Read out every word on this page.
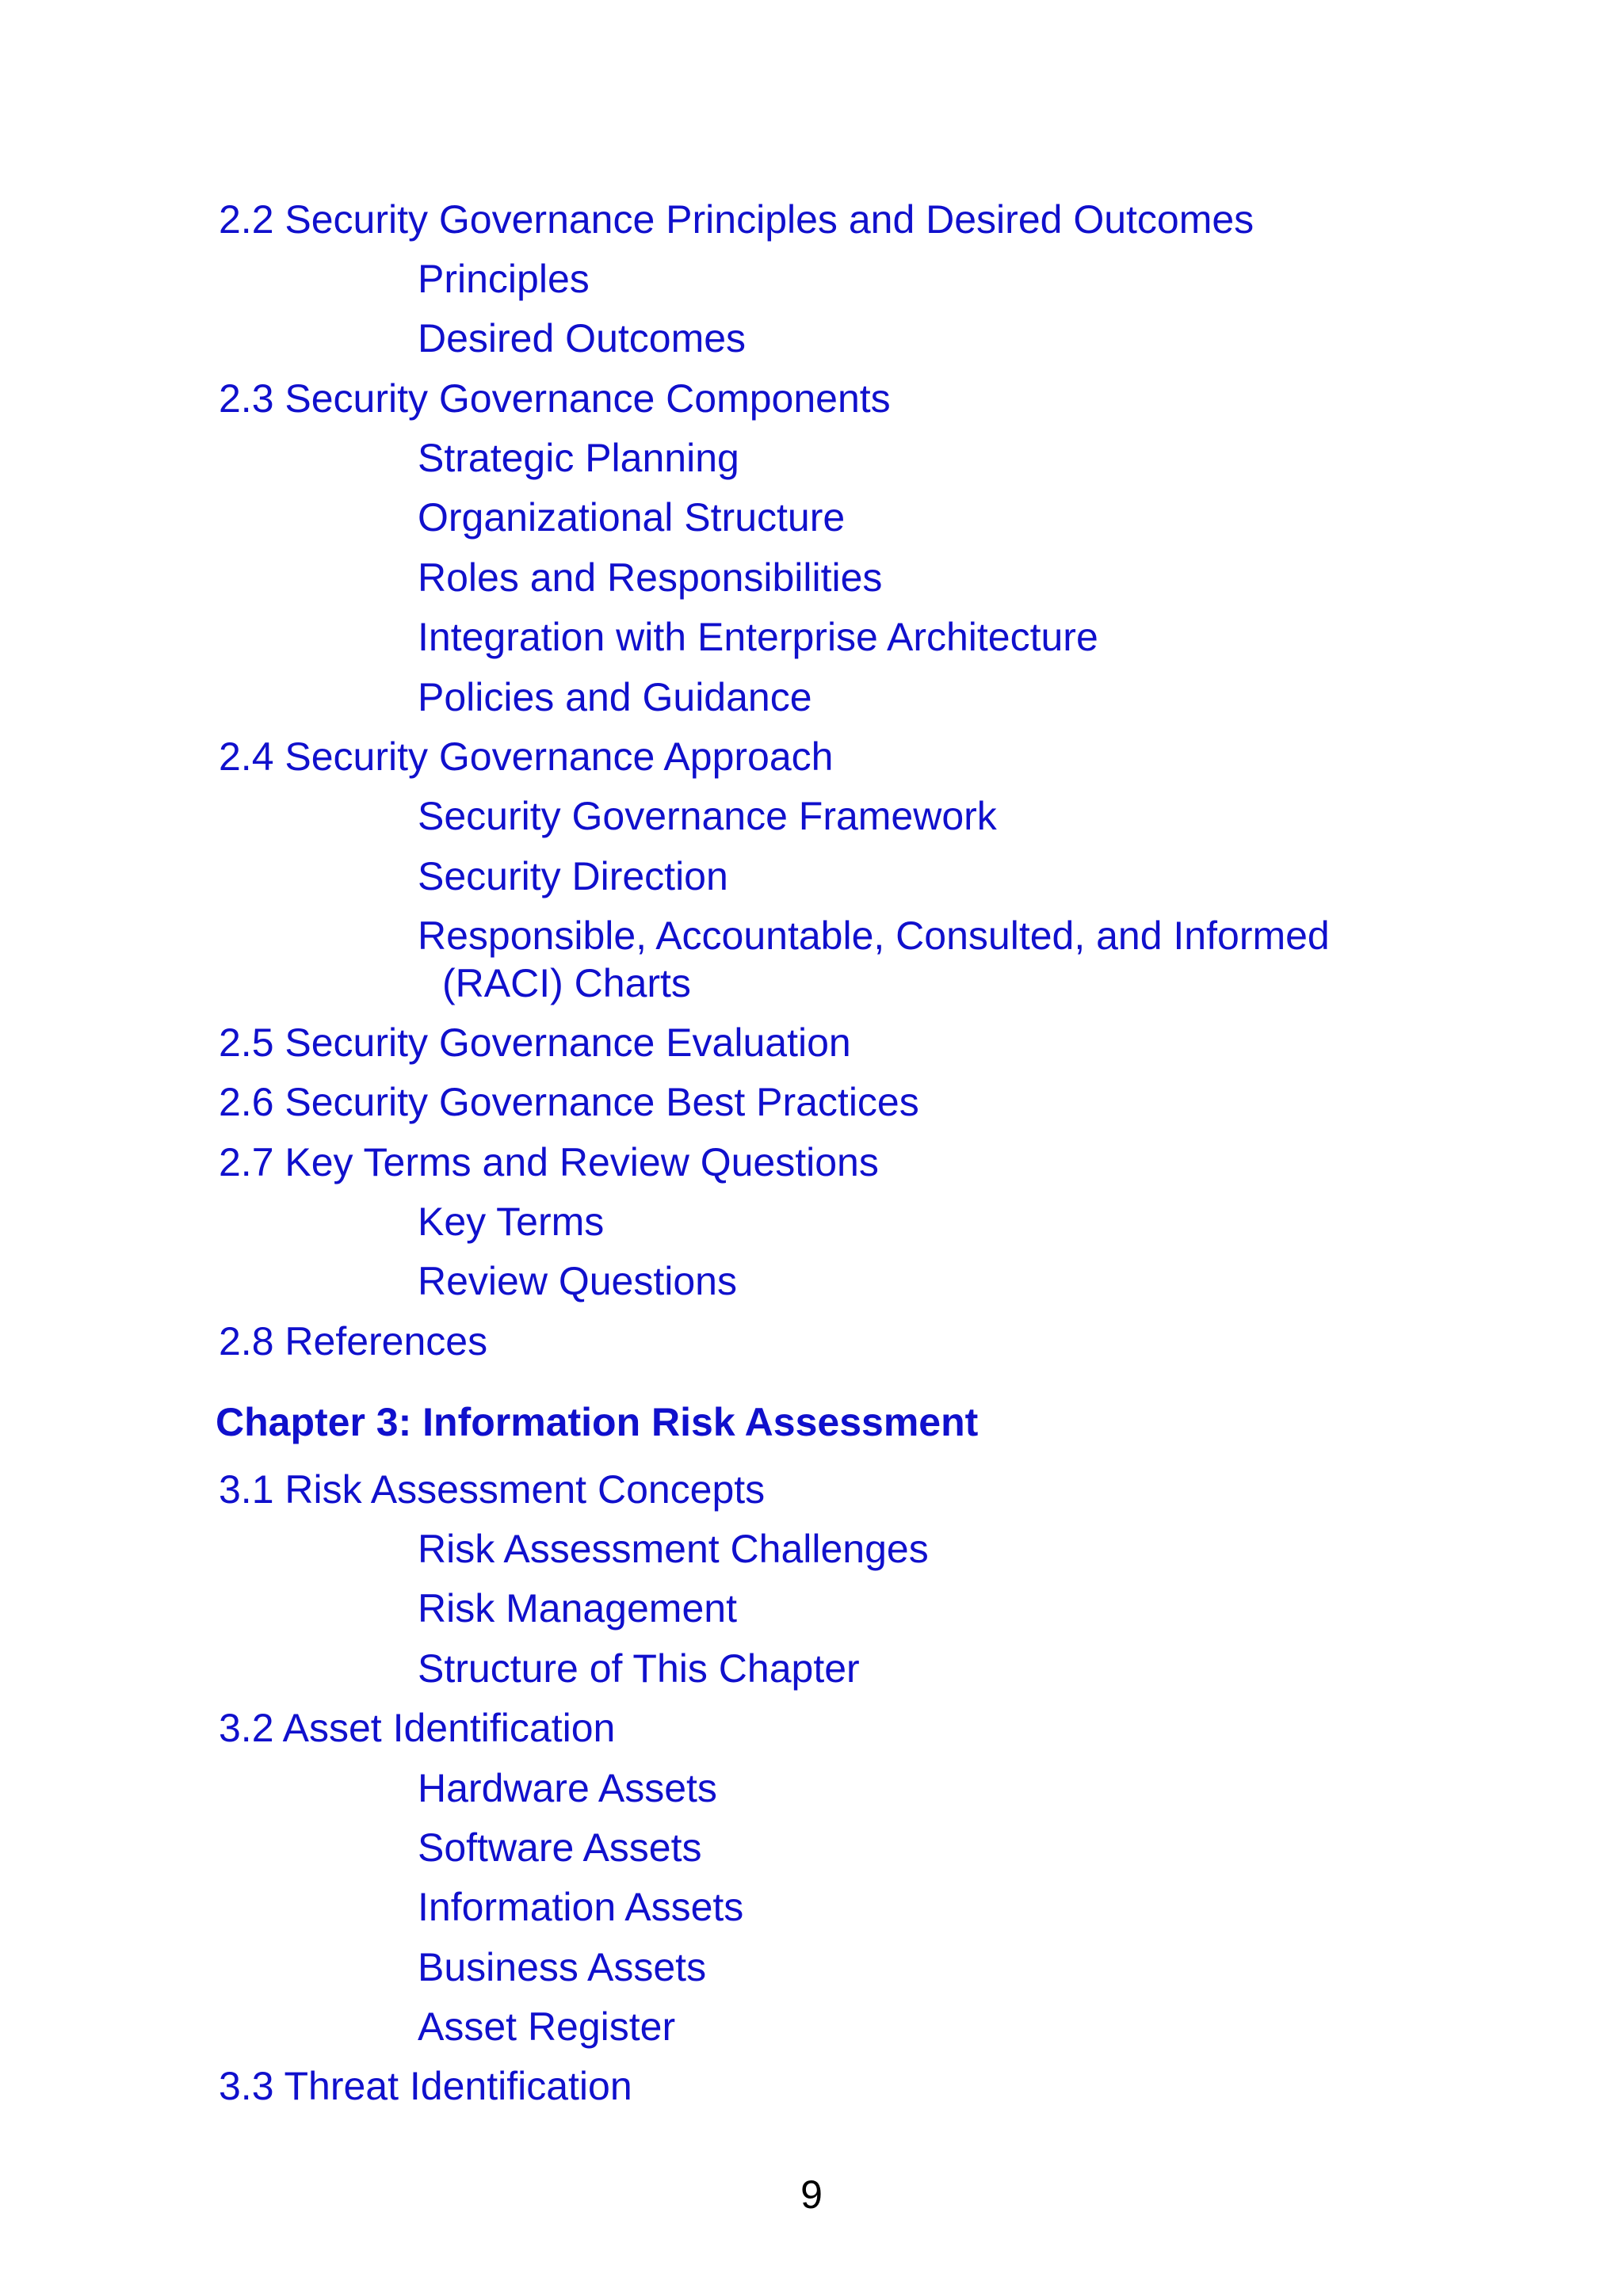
2.2 Security Governance Principles and Desired Outcomes
Principles
Desired Outcomes
2.3 Security Governance Components
Strategic Planning
Organizational Structure
Roles and Responsibilities
Integration with Enterprise Architecture
Policies and Guidance
2.4 Security Governance Approach
Security Governance Framework
Security Direction
Responsible, Accountable, Consulted, and Informed
(RACI) Charts
2.5 Security Governance Evaluation
2.6 Security Governance Best Practices
2.7 Key Terms and Review Questions
Key Terms
Review Questions
2.8 References
Chapter 3: Information Risk Assessment
3.1 Risk Assessment Concepts
Risk Assessment Challenges
Risk Management
Structure of This Chapter
3.2 Asset Identification
Hardware Assets
Software Assets
Information Assets
Business Assets
Asset Register
3.3 Threat Identification
9
